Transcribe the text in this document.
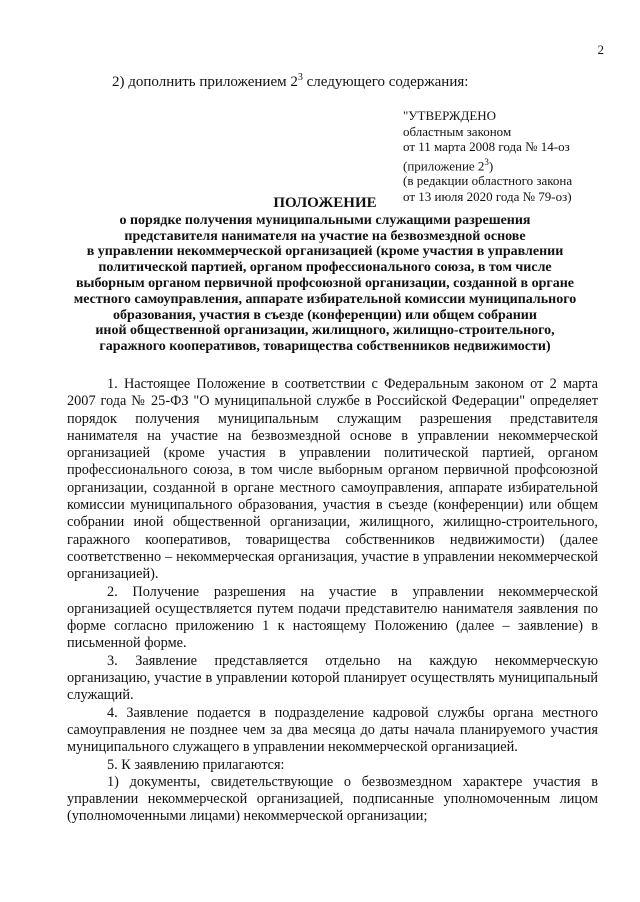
2
2) дополнить приложением $2^3$ следующего содержания:
"УТВЕРЖДЕНО
областным законом
от 11 марта 2008 года № 14-оз
(приложение $2^3$)
(в редакции областного закона
от 13 июля 2020 года № 79-оз)
ПОЛОЖЕНИЕ
о порядке получения муниципальными служащими разрешения
представителя нанимателя на участие на безвозмездной основе
в управлении некоммерческой организацией (кроме участия в управлении
политической партией, органом профессионального союза, в том числе
выборным органом первичной профсоюзной организации, созданной в органе
местного самоуправления, аппарате избирательной комиссии муниципального
образования, участия в съезде (конференции) или общем собрании
иной общественной организации, жилищного, жилищно-строительного,
гаражного кооперативов, товарищества собственников недвижимости)

1. Настоящее Положение в соответствии с Федеральным законом от 2 марта 2007 года № 25-ФЗ "О муниципальной службе в Российской Федерации" определяет порядок получения муниципальным служащим разрешения представителя нанимателя на участие на безвозмездной основе в управлении некоммерческой организацией (кроме участия в управлении политической партией, органом профессионального союза, в том числе выборным органом первичной профсоюзной организации, созданной в органе местного самоуправления, аппарате избирательной комиссии муниципального образования, участия в съезде (конференции) или общем собрании иной общественной организации, жилищного, жилищно-строительного, гаражного кооперативов, товарищества собственников недвижимости) (далее соответственно – некоммерческая организация, участие в управлении некоммерческой организацией).

2. Получение разрешения на участие в управлении некоммерческой организацией осуществляется путем подачи представителю нанимателя заявления по форме согласно приложению 1 к настоящему Положению (далее – заявление) в письменной форме.

3. Заявление представляется отдельно на каждую некоммерческую организацию, участие в управлении которой планирует осуществлять муниципальный служащий.

4. Заявление подается в подразделение кадровой службы органа местного самоуправления не позднее чем за два месяца до даты начала планируемого участия муниципального служащего в управлении некоммерческой организацией.

5. К заявлению прилагаются:

1) документы, свидетельствующие о безвозмездном характере участия в управлении некоммерческой организацией, подписанные уполномоченным лицом (уполномоченными лицами) некоммерческой организации;
